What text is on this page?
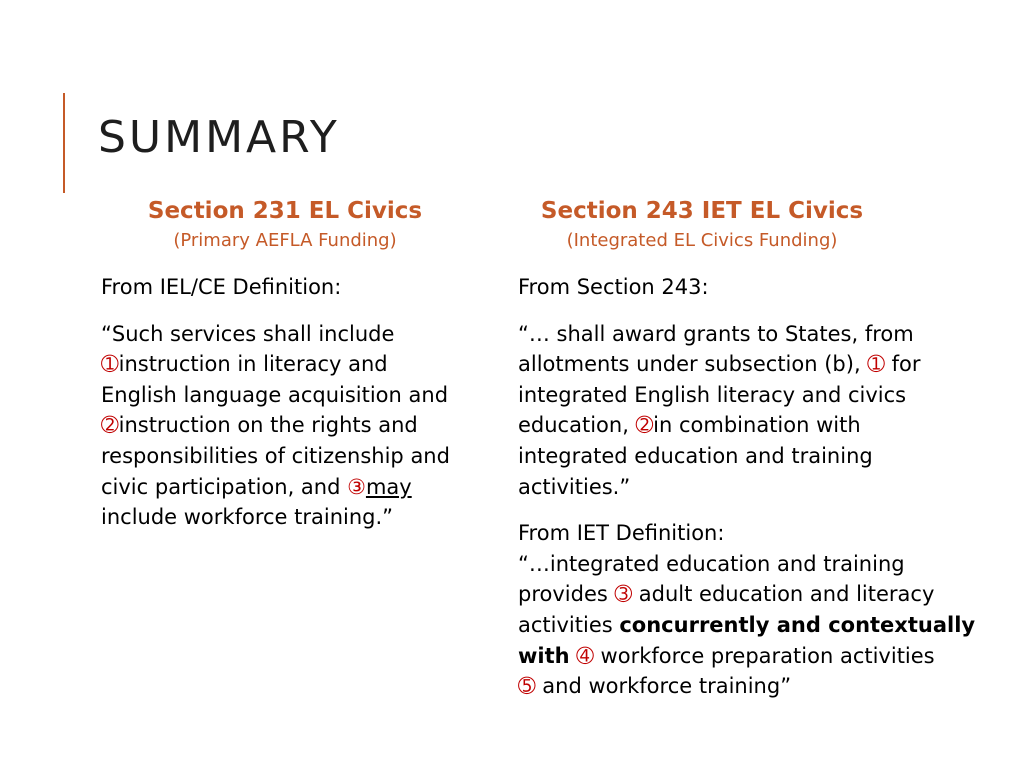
SUMMARY
Section 231 EL Civics
(Primary AEFLA Funding)
Section 243 IET EL Civics
(Integrated EL Civics Funding)
From IEL/CE Definition:
“Such services shall include
➀instruction in literacy and
English language acquisition and
➁instruction on the rights and
responsibilities of citizenship and
civic participation, and ③may
include workforce training.”
From Section 243:
“… shall award grants to States, from
allotments under subsection (b), ➀ for
integrated English literacy and civics
education, ➁in combination with
integrated education and training
activities.”
From IET Definition:
“…integrated education and training
provides ➂ adult education and literacy
activities concurrently and contextually
with ➃ workforce preparation activities
➄ and workforce training”
